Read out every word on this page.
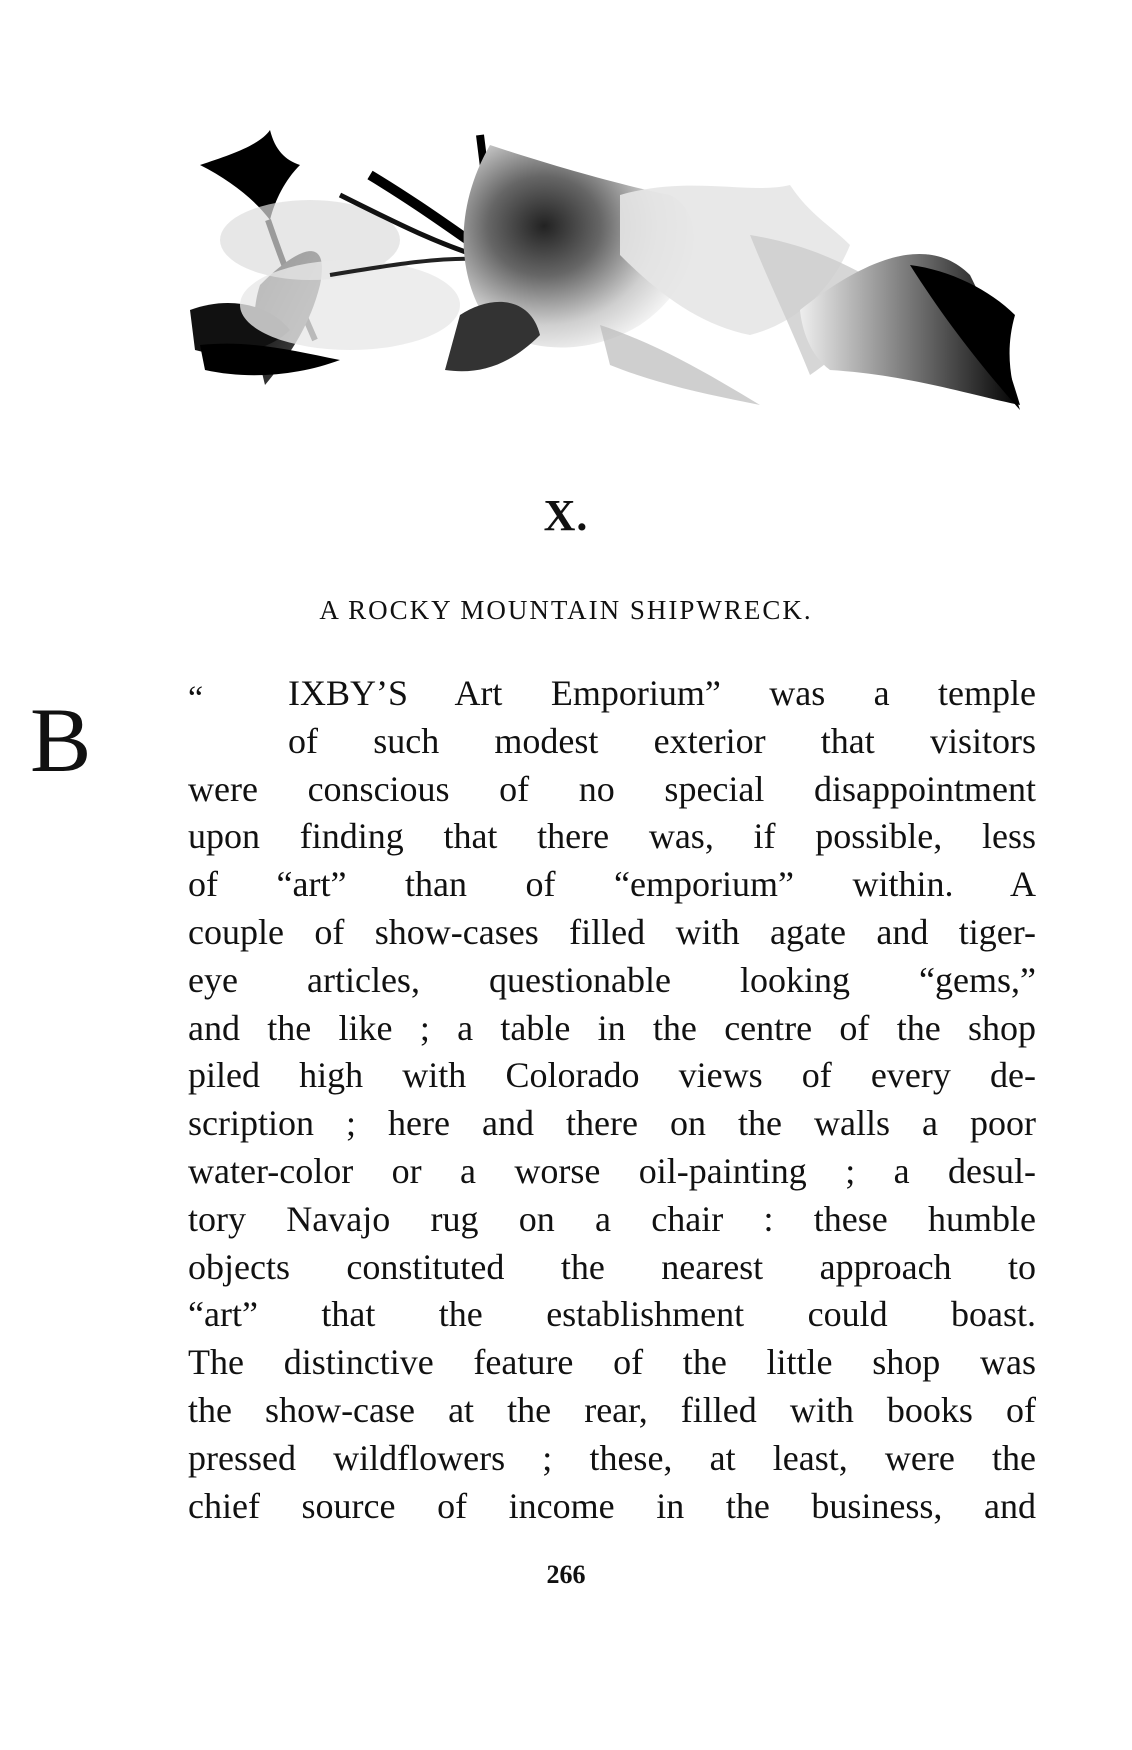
X.
A ROCKY MOUNTAIN SHIPWRECK.
“
B	IXBY’S Art Emporium” was a temple
of such modest exterior that visitors
were conscious of no special disappointment
upon finding that there was, if possible, less
of “art” than of “emporium” within. A
couple of show-cases filled with agate and tiger-
eye articles, questionable looking “gems,”
and the like ; a table in the centre of the shop
piled high with Colorado views of every de-
scription ; here and there on the walls a poor
water-color or a worse oil-painting ; a desul-
tory Navajo rug on a chair : these humble
objects constituted the nearest approach to
“art” that the establishment could boast.
The distinctive feature of the little shop was
the show-case at the rear, filled with books of
pressed wildflowers ; these, at least, were the
chief source of income in the business, and
266
